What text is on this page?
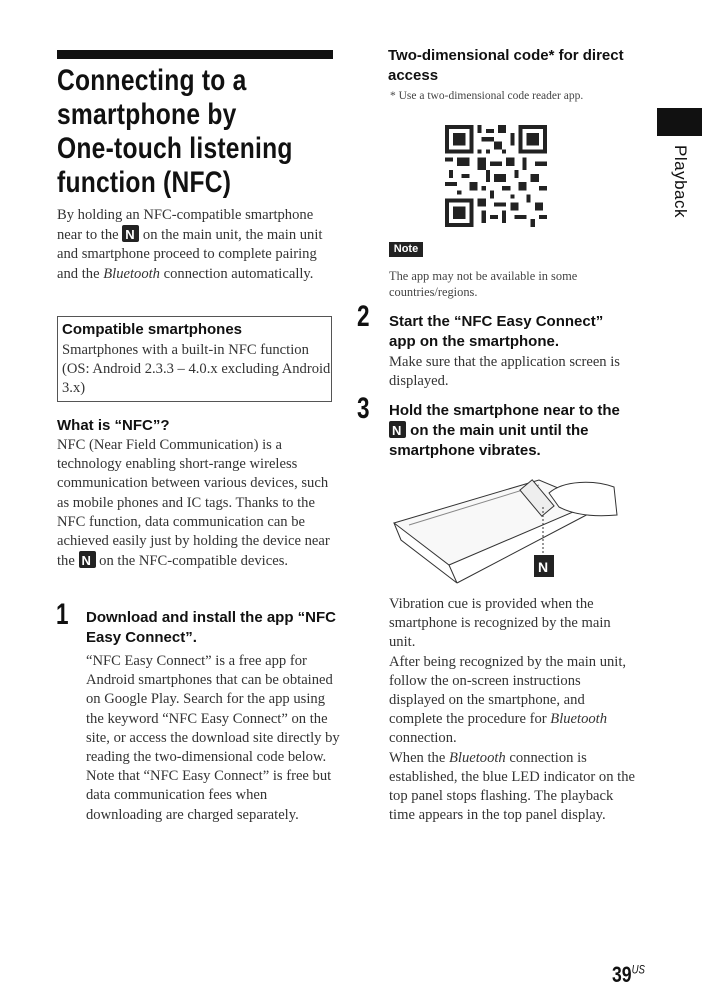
Connecting to a smartphone by One-touch listening function (NFC)
By holding an NFC-compatible smartphone near to the N on the main unit, the main unit and smartphone proceed to complete pairing and the Bluetooth connection automatically.
Compatible smartphones

Smartphones with a built-in NFC function (OS: Android 2.3.3 – 4.0.x excluding Android 3.x)

What is “NFC”?
NFC (Near Field Communication) is a technology enabling short-range wireless communication between various devices, such as mobile phones and IC tags. Thanks to the NFC function, data communication can be achieved easily just by holding the device near the N on the NFC-compatible devices.
1 Download and install the app “NFC Easy Connect”.
“NFC Easy Connect” is a free app for Android smartphones that can be obtained on Google Play. Search for the app using the keyword “NFC Easy Connect” on the site, or access the download site directly by reading the two-dimensional code below.
Note that “NFC Easy Connect” is free but data communication fees when downloading are charged separately.
Two-dimensional code* for direct access
* Use a two-dimensional code reader app.
Note
The app may not be available in some countries/regions.
2 Start the “NFC Easy Connect” app on the smartphone.
Make sure that the application screen is displayed.
3 Hold the smartphone near to the N on the main unit until the smartphone vibrates.
N
Vibration cue is provided when the smartphone is recognized by the main unit.
After being recognized by the main unit, follow the on-screen instructions displayed on the smartphone, and complete the procedure for Bluetooth connection.
When the Bluetooth connection is established, the blue LED indicator on the top panel stops flashing. The playback time appears in the top panel display.
Playback
$39^{US}$
